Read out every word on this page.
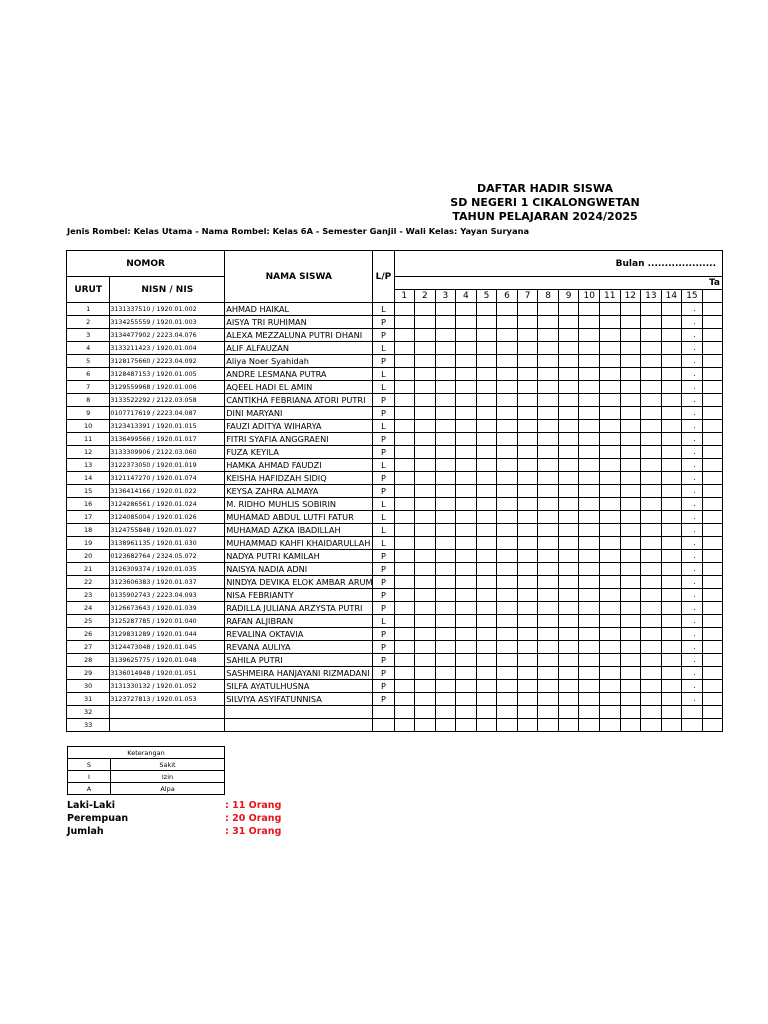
DAFTAR HADIR SISWA
SD NEGERI 1 CIKALONGWETAN
TAHUN PELAJARAN 2024/2025
Jenis Rombel: Kelas Utama - Nama Rombel: Kelas 6A - Semester Ganjil - Wali Kelas: Yayan Suryana
NOMOR		NAMA SISWA	L/P	Bulan ....................															
URUT	NISN / NIS			Ta															
				1	2	3	4	5	6	7	8	9	10	11	12	13	14	15	
1	3131337510 / 1920.01.002	AHMAD HAIKAL	L															.	
2	3134255559 / 1920.01.003	AISYA TRI RUHIMAN	P															.	
3	3134477902 / 2223.04.076	ALEXA MEZZALUNA PUTRI DHANI	P															.	
4	3133211423 / 1920.01.004	ALIF ALFAUZAN	L															.	
5	3128175660 / 2223.04.092	Aliya Noer Syahidah	P															.	
6	3128487153 / 1920.01.005	ANDRE LESMANA PUTRA	L															.	
7	3129559968 / 1920.01.006	AQEEL HADI EL AMIN	L															.	
8	3133522292 / 2122.03.058	CANTIKHA FEBRIANA ATORI PUTRI	P															.	
9	0107717619 / 2223.04.087	DINI MARYANI	P															.	
10	3123413391 / 1920.01.015	FAUZI ADITYA WIHARYA	L															.	
11	3136499566 / 1920.01.017	FITRI SYAFIA ANGGRAENI	P															.	
12	3133309906 / 2122.03.060	FUZA KEYILA	P															.	
13	3122373050 / 1920.01.019	HAMKA AHMAD FAUDZI	L															.	
14	3121147270 / 1920.01.074	KEISHA HAFIDZAH SIDIQ	P															.	
15	3136414166 / 1920.01.022	KEYSA ZAHRA ALMAYA	P															.	
16	3124286561 / 1920.01.024	M. RIDHO MUHLIS SOBIRIN	L															.	
17	3124085004 / 1920.01.026	MUHAMAD ABDUL LUTFI FATUR	L															.	
18	3124755848 / 1920.01.027	MUHAMAD AZKA IBADILLAH	L															.	
19	3138961135 / 1920.01.030	MUHAMMAD KAHFI KHAIDARULLAH	L															.	
20	0123682764 / 2324.05.072	NADYA PUTRI KAMILAH	P															.	
21	3126309374 / 1920.01.035	NAISYA NADIA ADNI	P															.	
22	3123606383 / 1920.01.037	NINDYA DEVIKA ELOK AMBAR ARUM	P															.	
23	0135902743 / 2223.04.093	NISA FEBRIANTY	P															.	
24	3126673643 / 1920.01.039	RADILLA JULIANA ARZYSTA PUTRI	P															.	
25	3125287785 / 1920.01.040	RAFAN ALJIBRAN	L															.	
26	3129831289 / 1920.01.044	REVALINA OKTAVIA	P															.	
27	3124473048 / 1920.01.045	REVANA AULIYA	P															.	
28	3139625775 / 1920.01.048	SAHILA PUTRI	P															.	
29	3136014948 / 1920.01.051	SASHMEIRA HANJAYANI RIZMADANI	P															.	
30	3131330132 / 1920.01.052	SILFA AYATULHUSNA	P															.	
31	3123727813 / 1920.01.053	SILVIYA ASYIFATUNNISA	P															.	
32																			
33																			
Keterangan	
S	Sakit
I	Izin
A	Alpa
Laki-Laki	: 11 Orang
Perempuan	: 20 Orang
Jumlah	: 31 Orang
